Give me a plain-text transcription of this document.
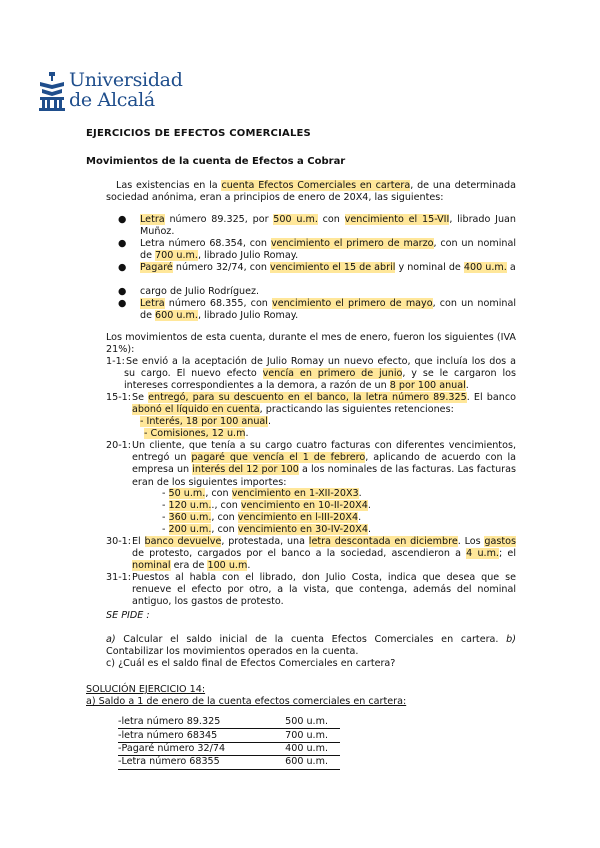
Universidad
de Alcalá
EJERCICIOS DE EFECTOS COMERCIALES
Movimientos de la cuenta de Efectos a Cobrar
Las existencias en la cuenta Efectos Comerciales en cartera, de una determinada sociedad anónima, eran a principios de enero de 20X4, las siguientes:
● Letra número 89.325, por 500 u.m. con vencimiento el 15-VII, librado Juan Muñoz.
● Letra número 68.354, con vencimiento el primero de marzo, con un nominal de 700 u.m., librado Julio Romay.
● Pagaré número 32/74, con vencimiento el 15 de abril y nominal de 400 u.m. a
● cargo de Julio Rodríguez.
● Letra número 68.355, con vencimiento el primero de mayo, con un nominal de 600 u.m., librado Julio Romay.
Los movimientos de esta cuenta, durante el mes de enero, fueron los siguientes (IVA 21%):
1-1: Se envió a la aceptación de Julio Romay un nuevo efecto, que incluía los dos a su cargo. El nuevo efecto vencía en primero de junio, y se le cargaron los intereses correspondientes a la demora, a razón de un 8 por 100 anual.
15-1: Se entregó, para su descuento en el banco, la letra número 89.325. El banco abonó el líquido en cuenta, practicando las siguientes retenciones:
- Interés, 18 por 100 anual.
- Comisiones, 12 u.m.
20-1: Un cliente, que tenía a su cargo cuatro facturas con diferentes vencimientos, entregó un pagaré que vencía el 1 de febrero, aplicando de acuerdo con la empresa un interés del 12 por 100 a los nominales de las facturas. Las facturas eran de los siguientes importes:
- 50 u.m., con vencimiento en 1-XII-20X3.
- 120 u.m.., con vencimiento en 10-II-20X4.
- 360 u.m., con vencimiento en l-III-20X4.
- 200 u.m., con vencimiento en 30-IV-20X4.
30-1: El banco devuelve, protestada, una letra descontada en diciembre. Los gastos de protesto, cargados por el banco a la sociedad, ascendieron a 4 u.m.; el nominal era de 100 u.m.
31-1: Puestos al habla con el librado, don Julio Costa, indica que desea que se renueve el efecto por otro, a la vista, que contenga, además del nominal antiguo, los gastos de protesto.
SE PIDE :
a) Calcular el saldo inicial de la cuenta Efectos Comerciales en cartera. b) Contabilizar los movimientos operados en la cuenta.
c) ¿Cuál es el saldo final de Efectos Comerciales en cartera?
SOLUCIÓN EJERCICIO 14:
a) Saldo a 1 de enero de la cuenta efectos comerciales en cartera:
-letra número 89.325	500 u.m.
-letra número 68345	700 u.m.
-Pagaré número 32/74	400 u.m.
-Letra número 68355	600 u.m.
